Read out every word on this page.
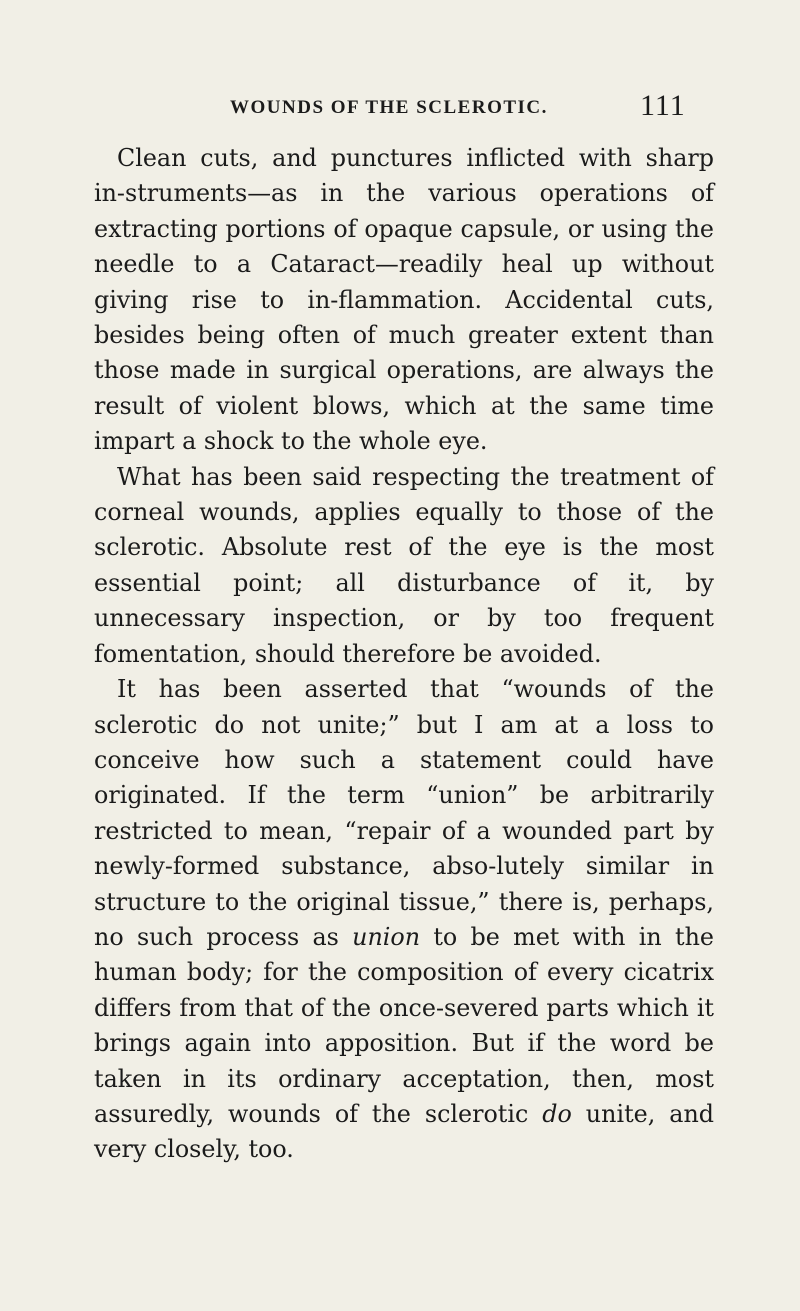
WOUNDS OF THE SCLEROTIC.	111

Clean cuts, and punctures inflicted with sharp in-struments—as in the various operations of extracting portions of opaque capsule, or using the needle to a Cataract—readily heal up without giving rise to in-flammation. Accidental cuts, besides being often of much greater extent than those made in surgical operations, are always the result of violent blows, which at the same time impart a shock to the whole eye.

What has been said respecting the treatment of corneal wounds, applies equally to those of the sclerotic. Absolute rest of the eye is the most essential point; all disturbance of it, by unnecessary inspection, or by too frequent fomentation, should therefore be avoided.

It has been asserted that “wounds of the sclerotic do not unite;” but I am at a loss to conceive how such a statement could have originated. If the term “union” be arbitrarily restricted to mean, “repair of a wounded part by newly-formed substance, abso-lutely similar in structure to the original tissue,” there is, perhaps, no such process as union to be met with in the human body; for the composition of every cicatrix differs from that of the once-severed parts which it brings again into apposition. But if the word be taken in its ordinary acceptation, then, most assuredly, wounds of the sclerotic do unite, and very closely, too.
